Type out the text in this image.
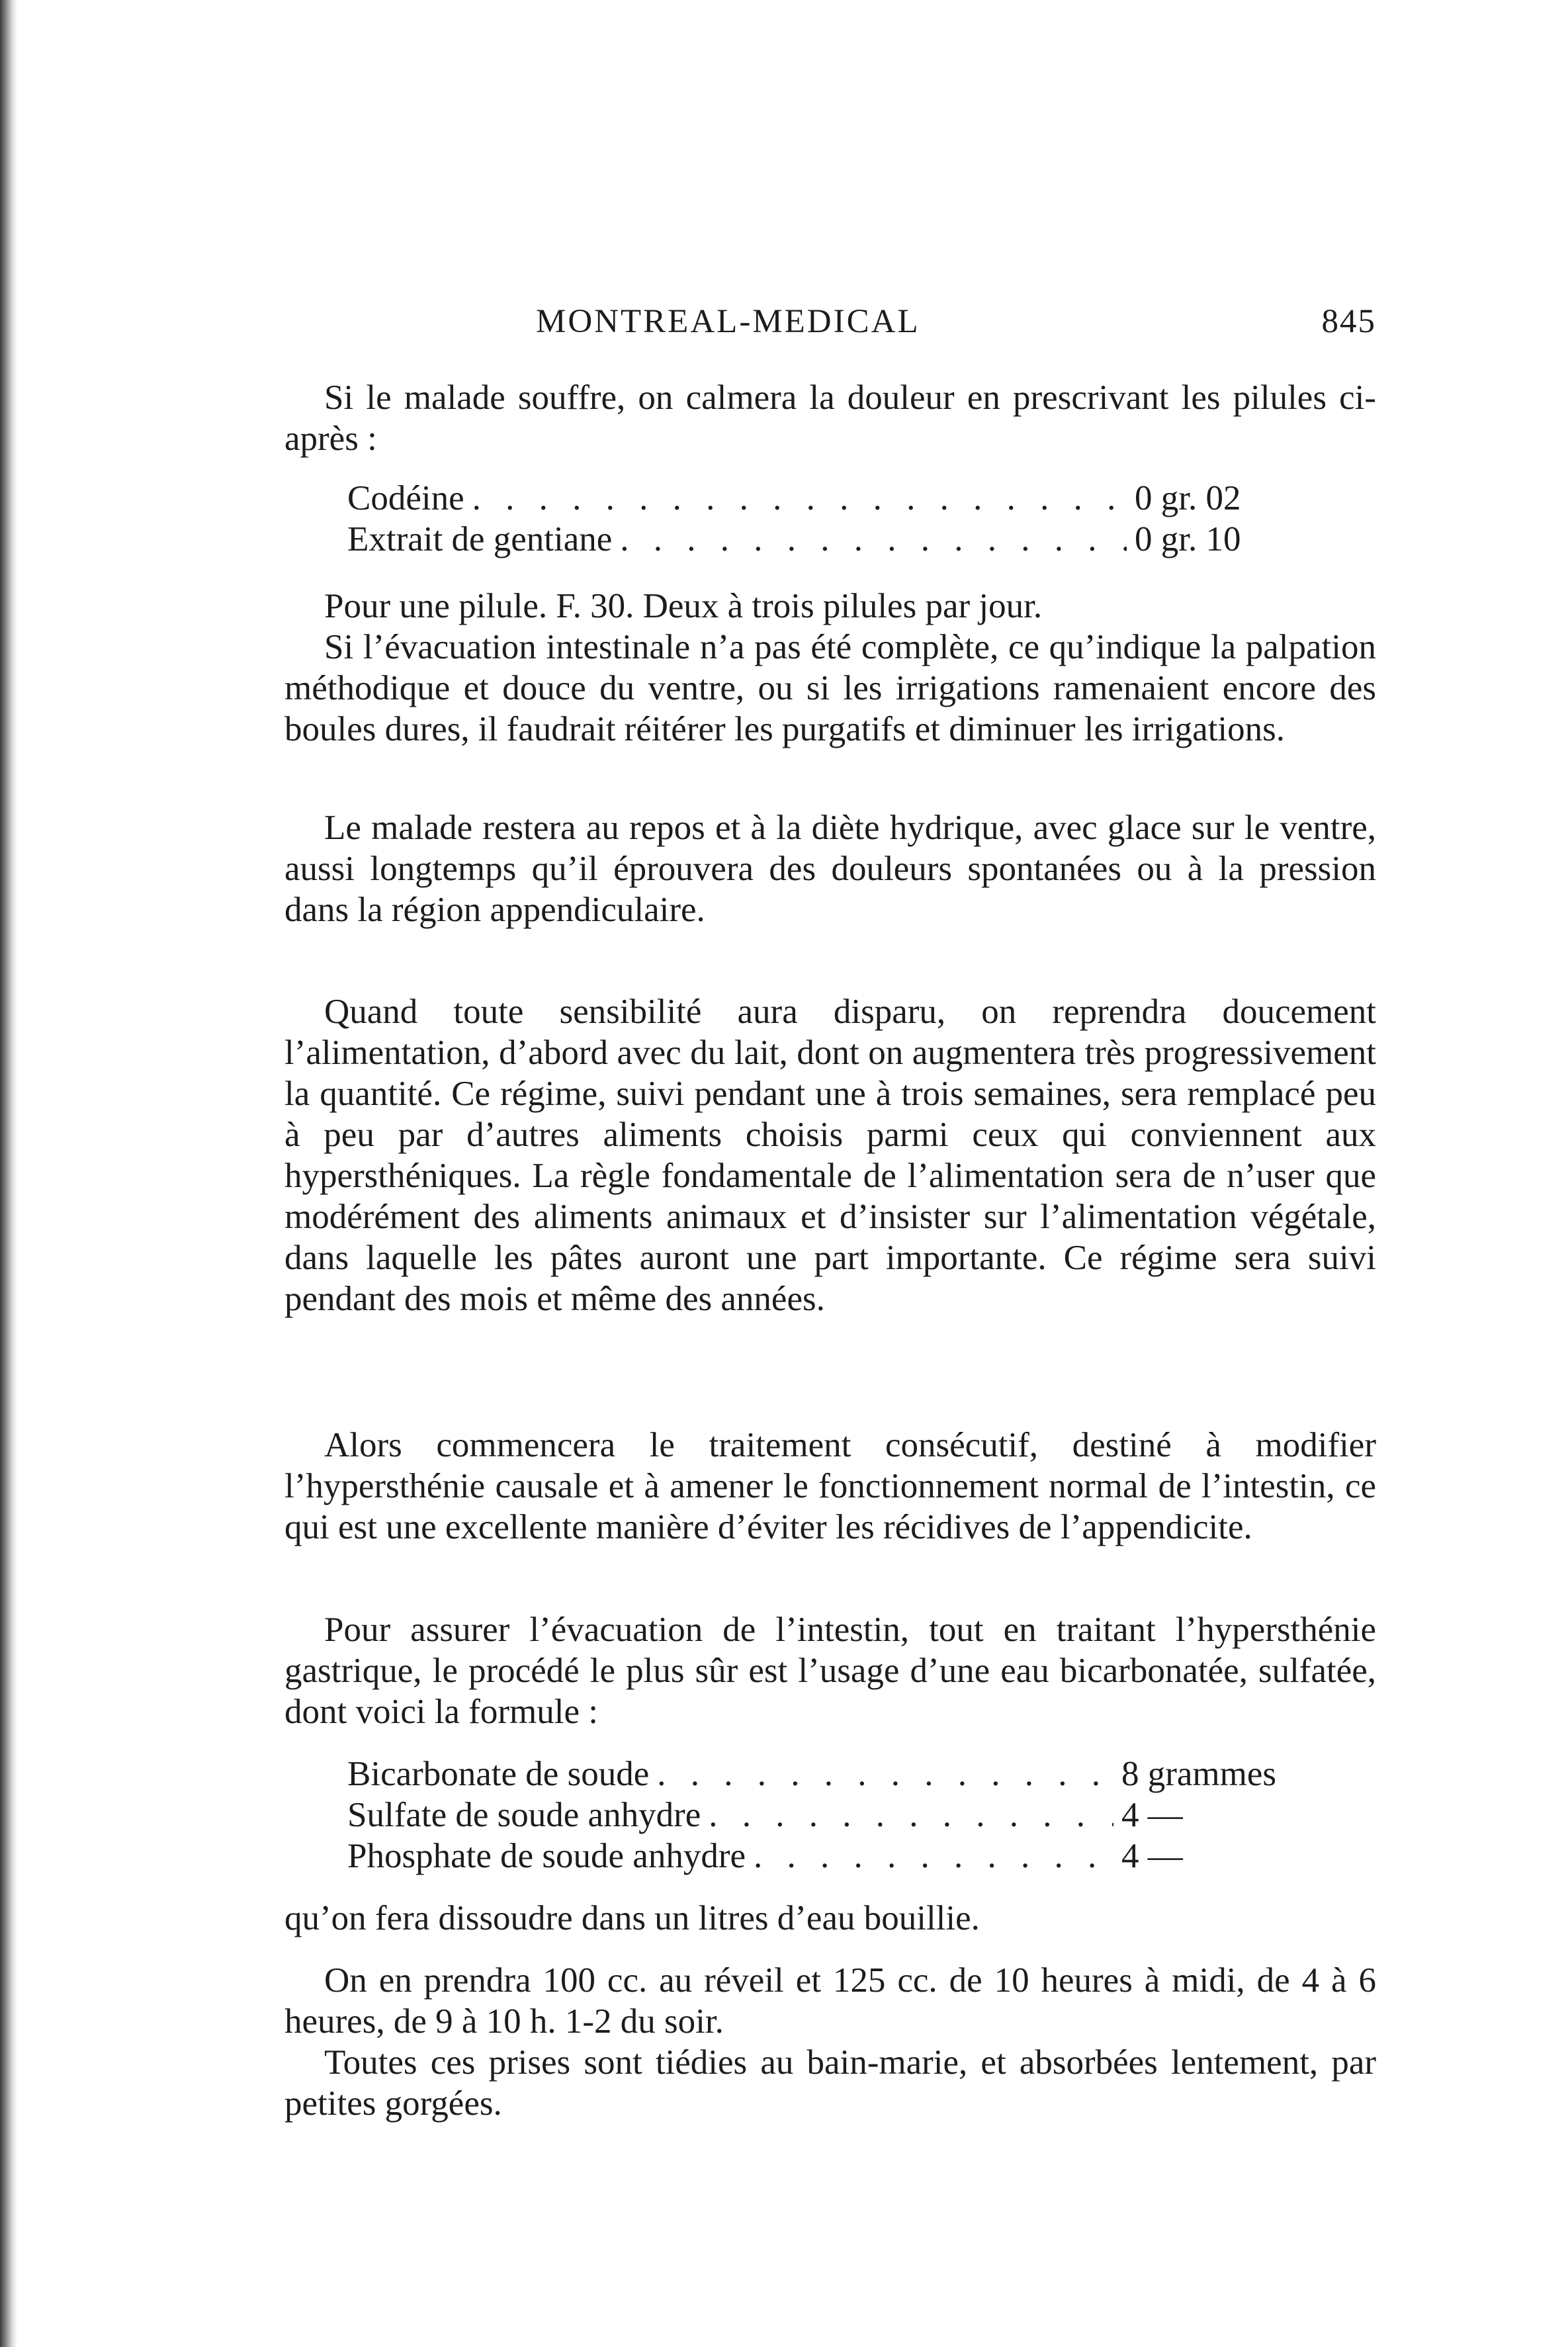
MONTREAL-MEDICAL	845

Si le malade souffre, on calmera la douleur en prescrivant les pilules ci-après :

Codéine . . .	0 gr. 02
Extrait de gentiane . . .	0 gr. 10

Pour une pilule. F. 30. Deux à trois pilules par jour.

Si l’évacuation intestinale n’a pas été complète, ce qu’indique la palpation méthodique et douce du ventre, ou si les irrigations ramenaient encore des boules dures, il faudrait réitérer les purgatifs et diminuer les irrigations.

Le malade restera au repos et à la diète hydrique, avec glace sur le ventre, aussi longtemps qu’il éprouvera des douleurs spontanées ou à la pression dans la région appendiculaire.

Quand toute sensibilité aura disparu, on reprendra doucement l’alimentation, d’abord avec du lait, dont on augmentera très progressivement la quantité. Ce régime, suivi pendant une à trois semaines, sera remplacé peu à peu par d’autres aliments choisis parmi ceux qui conviennent aux hypersthéniques. La règle fondamentale de l’alimentation sera de n’user que modérément des aliments animaux et d’insister sur l’alimentation végétale, dans laquelle les pâtes auront une part importante. Ce régime sera suivi pendant des mois et même des années.

Alors commencera le traitement consécutif, destiné à modifier l’hypersthénie causale et à amener le fonctionnement normal de l’intestin, ce qui est une excellente manière d’éviter les récidives de l’appendicite.

Pour assurer l’évacuation de l’intestin, tout en traitant l’hypersthénie gastrique, le procédé le plus sûr est l’usage d’une eau bicarbonatée, sulfatée, dont voici la formule :

Bicarbonate de soude . . .	8 grammes
Sulfate de soude anhydre . . .	4 —
Phosphate de soude anhydre . . .	4 —

qu’on fera dissoudre dans un litres d’eau bouillie.

On en prendra 100 cc. au réveil et 125 cc. de 10 heures à midi, de 4 à 6 heures, de 9 à 10 h. 1-2 du soir.

Toutes ces prises sont tiédies au bain-marie, et absorbées lentement, par petites gorgées.
